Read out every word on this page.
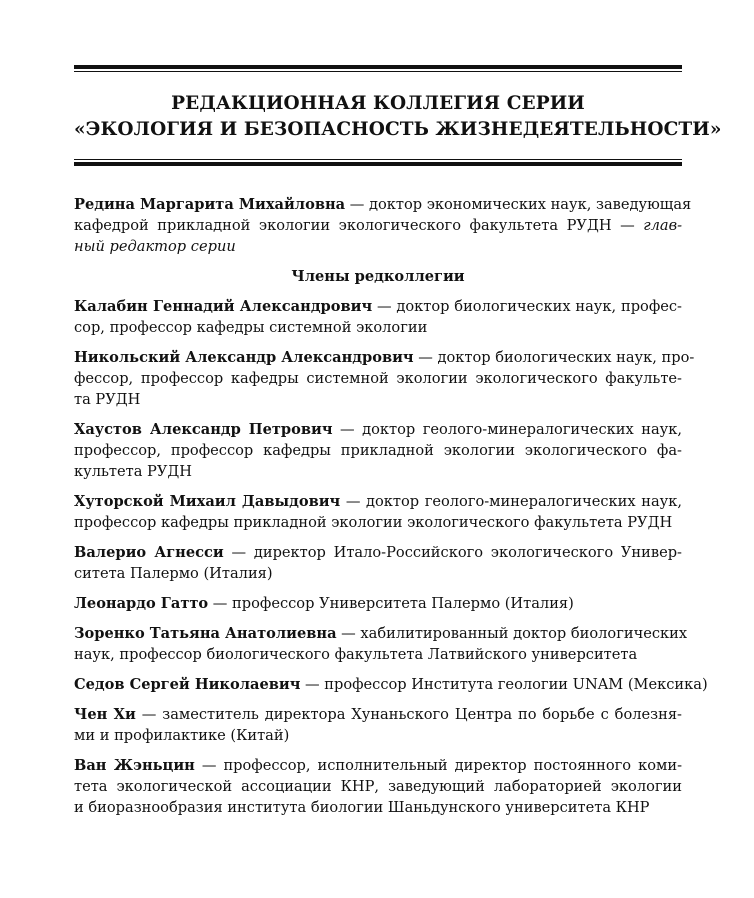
РЕДАКЦИОННАЯ КОЛЛЕГИЯ СЕРИИ
«ЭКОЛОГИЯ И БЕЗОПАСНОСТЬ ЖИЗНЕДЕЯТЕЛЬНОСТИ»
Редина Маргарита Михайловна — доктор экономических наук, заведующая
кафедрой прикладной экологии экологического факультета РУДН — глав-
ный редактор серии
Члены редколлегии
Калабин Геннадий Александрович — доктор биологических наук, профес-
сор, профессор кафедры системной экологии
Никольский Александр Александрович — доктор биологических наук, про-
фессор, профессор кафедры системной экологии экологического факульте-
та РУДН
Хаустов Александр Петрович — доктор геолого-минералогических наук,
профессор, профессор кафедры прикладной экологии экологического фа-
культета РУДН
Хуторской Михаил Давыдович — доктор геолого-минералогических наук,
профессор кафедры прикладной экологии экологического факультета РУДН
Валерио Агнесси — директор Итало-Российского экологического Универ-
ситета Палермо (Италия)
Леонардо Гатто — профессор Университета Палермо (Италия)
Зоренко Татьяна Анатолиевна — хабилитированный доктор биологических
наук, профессор биологического факультета Латвийского университета
Седов Сергей Николаевич — профессор Института геологии UNAM (Мексика)
Чен Хи — заместитель директора Хунаньского Центра по борьбе с болезня-
ми и профилактике (Китай)
Ван Жэньцин — профессор, исполнительный директор постоянного коми-
тета экологической ассоциации КНР, заведующий лабораторией экологии
и биоразнообразия института биологии Шаньдунского университета КНР
